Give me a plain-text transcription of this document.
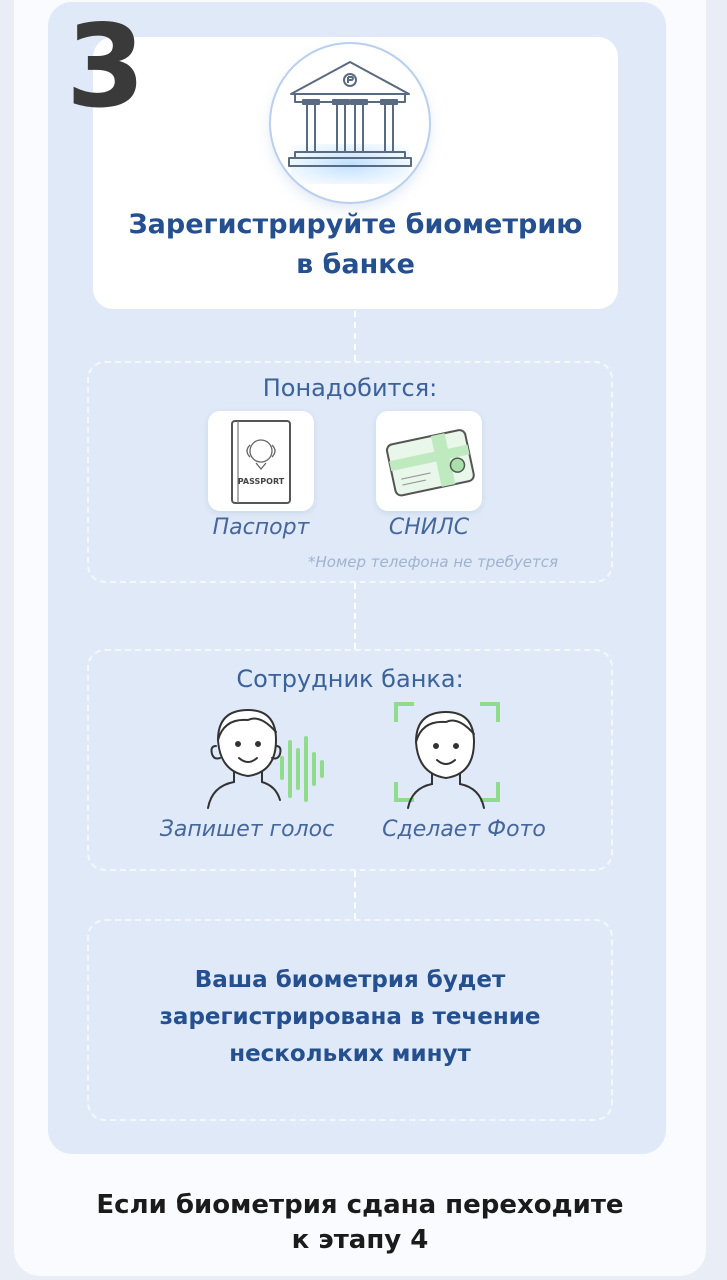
3
Зарегистрируйте биометрию
в банке
Понадобится:
PASSPORT
Паспорт	СНИЛС
*Номер телефона не требуется
Сотрудник банка:
Запишет голос	Сделает Фото
Ваша биометрия будет
зарегистрирована в течение
нескольких минут
Если биометрия сдана переходите
к этапу 4
